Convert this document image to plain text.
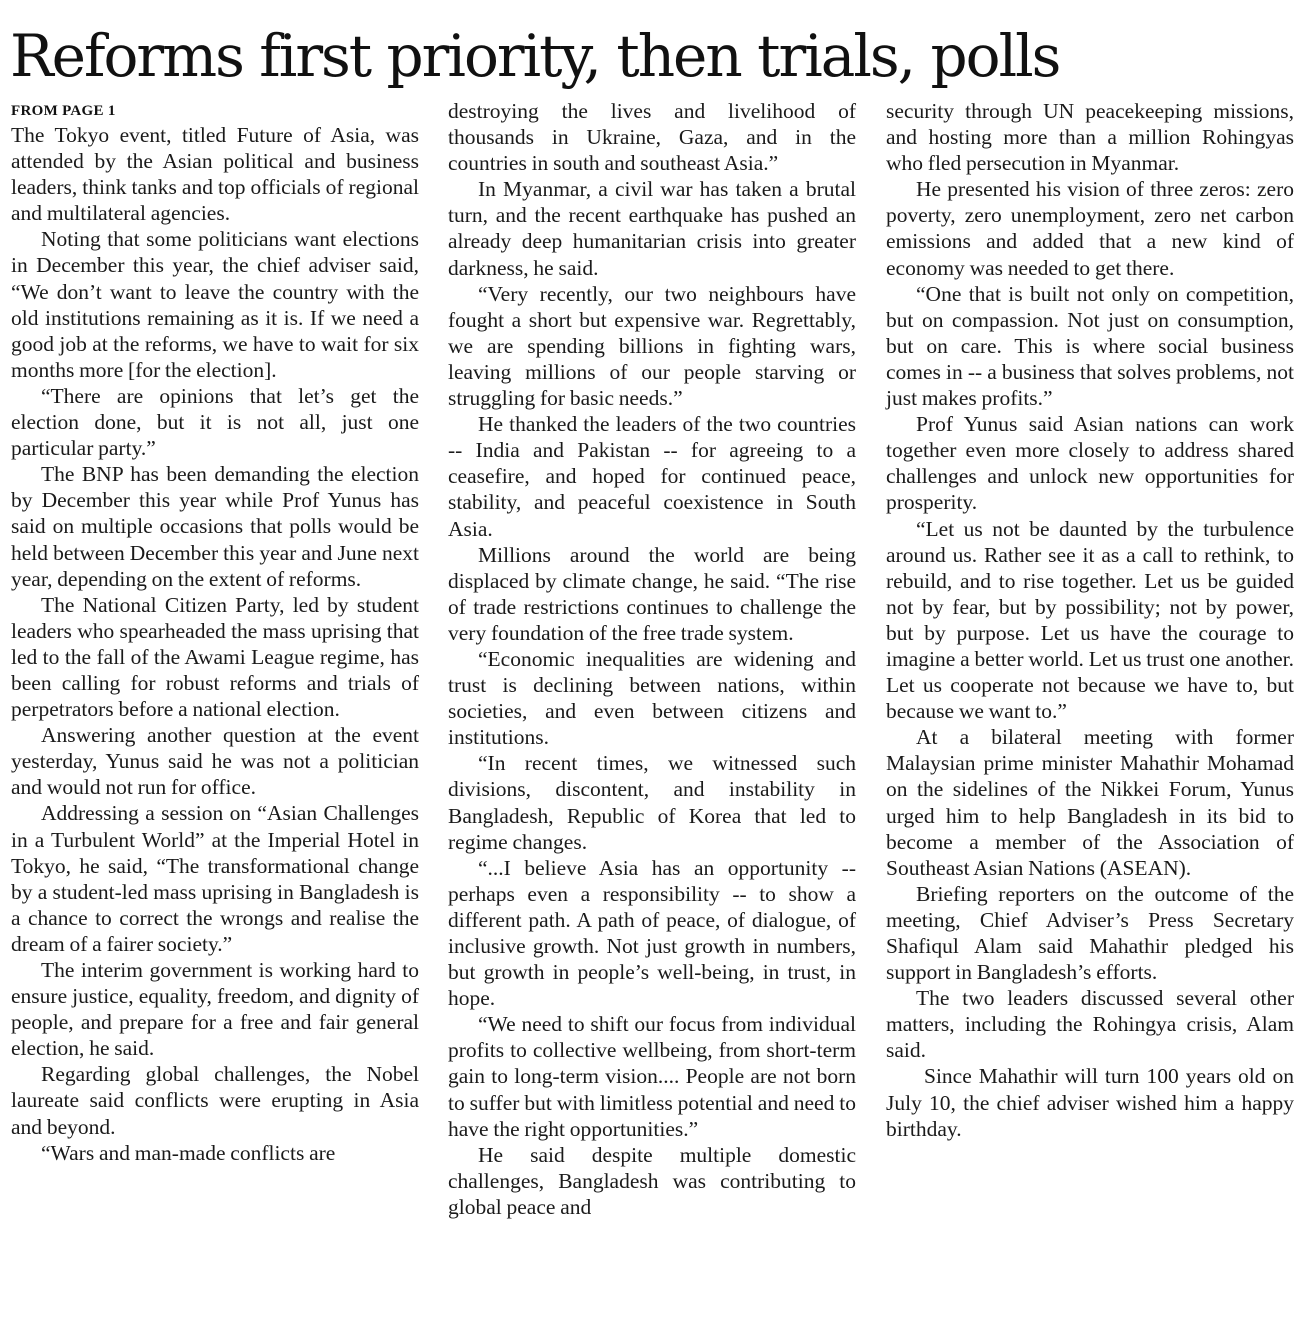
Reforms first priority, then trials, polls
FROM PAGE 1

The Tokyo event, titled Future of Asia, was attended by the Asian political and business leaders, think tanks and top officials of regional and multilateral agencies.

Noting that some politicians want elections in December this year, the chief adviser said, “We don’t want to leave the country with the old institutions remaining as it is. If we need a good job at the reforms, we have to wait for six months more [for the election].

“There are opinions that let’s get the election done, but it is not all, just one particular party.”

The BNP has been demanding the election by December this year while Prof Yunus has said on multiple occasions that polls would be held between December this year and June next year, depending on the extent of reforms.

The National Citizen Party, led by student leaders who spearheaded the mass uprising that led to the fall of the Awami League regime, has been calling for robust reforms and trials of perpetrators before a national election.

Answering another question at the event yesterday, Yunus said he was not a politician and would not run for office.

Addressing a session on “Asian Challenges in a Turbulent World” at the Imperial Hotel in Tokyo, he said, “The transformational change by a student-led mass uprising in Bangladesh is a chance to correct the wrongs and realise the dream of a fairer society.”

The interim government is working hard to ensure justice, equality, freedom, and dignity of people, and prepare for a free and fair general election, he said.

Regarding global challenges, the Nobel laureate said conflicts were erupting in Asia and beyond.

“Wars and man-made conflicts are

destroying the lives and livelihood of thousands in Ukraine, Gaza, and in the countries in south and southeast Asia.”

In Myanmar, a civil war has taken a brutal turn, and the recent earthquake has pushed an already deep humanitarian crisis into greater darkness, he said.

“Very recently, our two neighbours have fought a short but expensive war. Regrettably, we are spending billions in fighting wars, leaving millions of our people starving or struggling for basic needs.”

He thanked the leaders of the two countries -- India and Pakistan -- for agreeing to a ceasefire, and hoped for continued peace, stability, and peaceful coexistence in South Asia.

Millions around the world are being displaced by climate change, he said. “The rise of trade restrictions continues to challenge the very foundation of the free trade system.

“Economic inequalities are widening and trust is declining between nations, within societies, and even between citizens and institutions.

“In recent times, we witnessed such divisions, discontent, and instability in Bangladesh, Republic of Korea that led to regime changes.

“...I believe Asia has an opportunity -- perhaps even a responsibility -- to show a different path. A path of peace, of dialogue, of inclusive growth. Not just growth in numbers, but growth in people’s well-being, in trust, in hope.

“We need to shift our focus from individual profits to collective wellbeing, from short-term gain to long-term vision.... People are not born to suffer but with limitless potential and need to have the right opportunities.”

He said despite multiple domestic challenges, Bangladesh was contributing to global peace and

security through UN peacekeeping missions, and hosting more than a million Rohingyas who fled persecution in Myanmar.

He presented his vision of three zeros: zero poverty, zero unemployment, zero net carbon emissions and added that a new kind of economy was needed to get there.

“One that is built not only on competition, but on compassion. Not just on consumption, but on care. This is where social business comes in -- a business that solves problems, not just makes profits.”

Prof Yunus said Asian nations can work together even more closely to address shared challenges and unlock new opportunities for prosperity.

“Let us not be daunted by the turbulence around us. Rather see it as a call to rethink, to rebuild, and to rise together. Let us be guided not by fear, but by possibility; not by power, but by purpose. Let us have the courage to imagine a better world. Let us trust one another. Let us cooperate not because we have to, but because we want to.”

At a bilateral meeting with former Malaysian prime minister Mahathir Mohamad on the sidelines of the Nikkei Forum, Yunus urged him to help Bangladesh in its bid to become a member of the Association of Southeast Asian Nations (ASEAN).

Briefing reporters on the outcome of the meeting, Chief Adviser’s Press Secretary Shafiqul Alam said Mahathir pledged his support in Bangladesh’s efforts.

The two leaders discussed several other matters, including the Rohingya crisis, Alam said.

Since Mahathir will turn 100 years old on July 10, the chief adviser wished him a happy birthday.
